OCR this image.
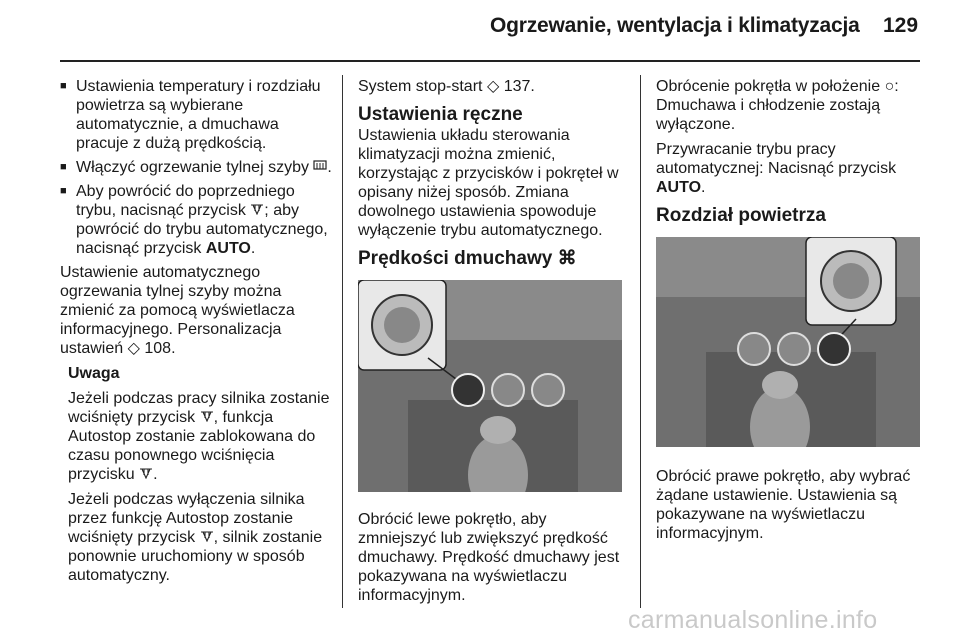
Ogrzewanie, wentylacja i klimatyzacja 129
■ Ustawienia temperatury i rozdziału powietrza są wybierane automatycznie, a dmuchawa pracuje z dużą prędkością.
■ Włączyć ogrzewanie tylnej szyby .
■ Aby powrócić do poprzedniego trybu, nacisnąć przycisk ; aby powrócić do trybu automatycznego, nacisnąć przycisk AUTO.

Ustawienie automatycznego ogrzewania tylnej szyby można zmienić za pomocą wyświetlacza informacyjnego. Personalizacja ustawień ◇ 108.

Uwaga

Jeżeli podczas pracy silnika zostanie wciśnięty przycisk , funkcja Autostop zostanie zablokowana do czasu ponownego wciśnięcia przycisku .

Jeżeli podczas wyłączenia silnika przez funkcję Autostop zostanie wciśnięty przycisk , silnik zostanie ponownie uruchomiony w sposób automatyczny.

System stop-start ◇ 137.

Ustawienia ręczne

Ustawienia układu sterowania klimatyzacji można zmienić, korzystając z przycisków i pokręteł w opisany niżej sposób. Zmiana dowolnego ustawienia spowoduje wyłączenie trybu automatycznego.

Prędkości dmuchawy ⌘

Obrócić lewe pokrętło, aby zmniejszyć lub zwiększyć prędkość dmuchawy. Prędkość dmuchawy jest pokazywana na wyświetlaczu informacyjnym.

Obrócenie pokrętła w położenie ○: Dmuchawa i chłodzenie zostają wyłączone.

Przywracanie trybu pracy automatycznej: Nacisnąć przycisk AUTO.

Rozdział powietrza

Obrócić prawe pokrętło, aby wybrać żądane ustawienie. Ustawienia są pokazywane na wyświetlaczu informacyjnym.

carmanualsonline.info
